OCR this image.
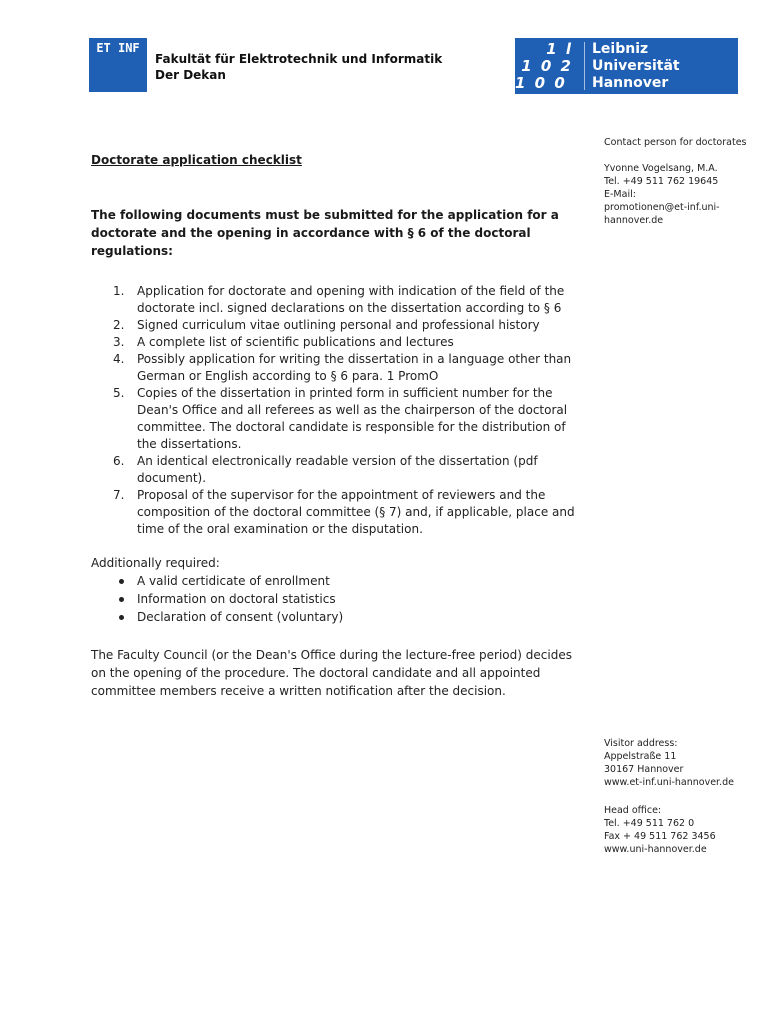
ET INF
Fakultät für Elektrotechnik und Informatik
Der Dekan
1 l
1 0 2
1 0 0 4
Leibniz
Universität
Hannover

Doctorate application checklist

The following documents must be submitted for the application for a doctorate and the opening in accordance with § 6 of the doctoral regulations:
1. Application for doctorate and opening with indication of the field of the doctorate incl. signed declarations on the dissertation according to § 6
2. Signed curriculum vitae outlining personal and professional history
3. A complete list of scientific publications and lectures
4. Possibly application for writing the dissertation in a language other than German or English according to § 6 para. 1 PromO
5. Copies of the dissertation in printed form in sufficient number for the Dean's Office and all referees as well as the chairperson of the doctoral committee. The doctoral candidate is responsible for the distribution of the dissertations.
6. An identical electronically readable version of the dissertation (pdf document).
7. Proposal of the supervisor for the appointment of reviewers and the composition of the doctoral committee (§ 7) and, if applicable, place and time of the oral examination or the disputation.
Additionally required:
A valid certidicate of enrollment
Information on doctoral statistics
Declaration of consent (voluntary)
The Faculty Council (or the Dean's Office during the lecture-free period) decides on the opening of the procedure. The doctoral candidate and all appointed committee members receive a written notification after the decision.

Contact person for doctorates

Yvonne Vogelsang, M.A.

Tel. +49 511 762 19645

E-Mail:

promotionen@et-inf.uni-

hannover.de

Visitor address:

Appelstraße 11

30167 Hannover

www.et-inf.uni-hannover.de

Head office:

Tel. +49 511 762 0

Fax + 49 511 762 3456

www.uni-hannover.de
